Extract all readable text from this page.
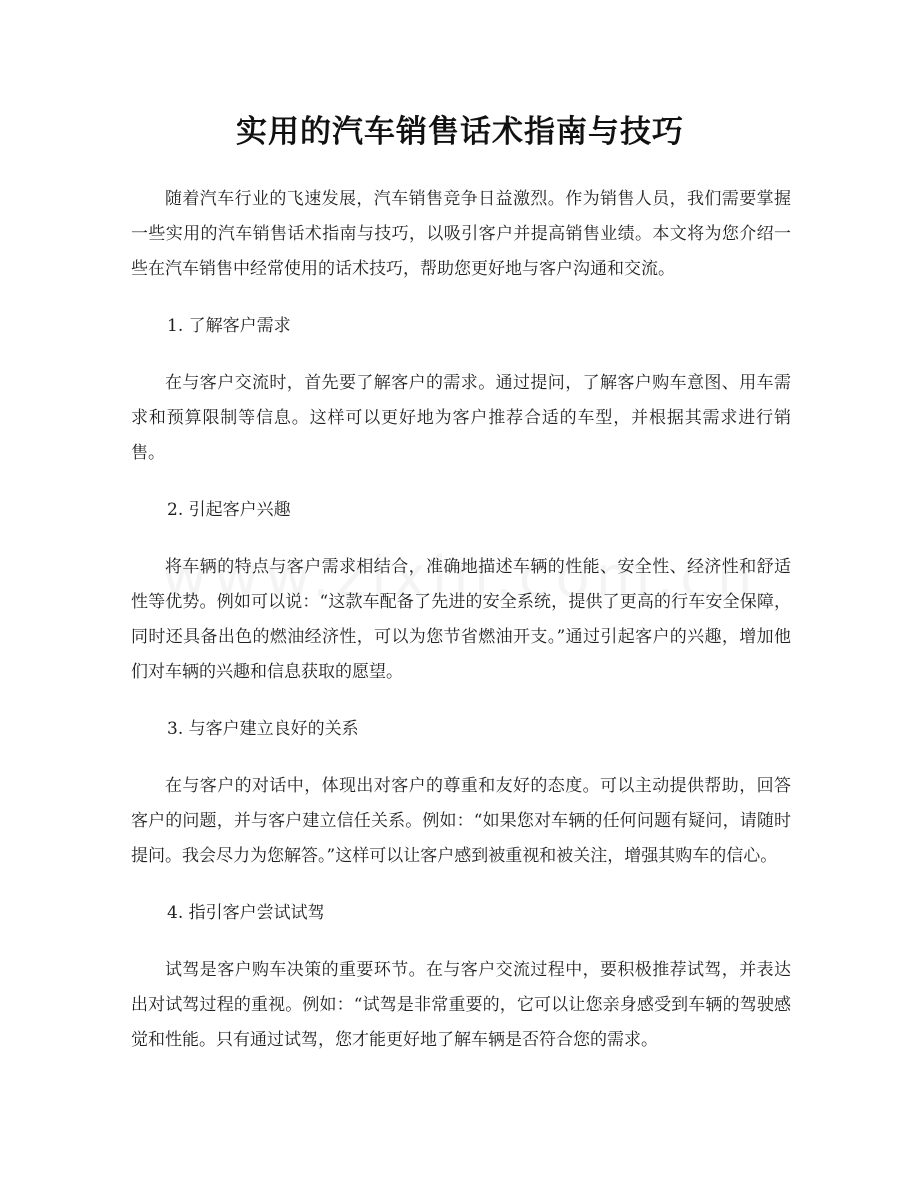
实用的汽车销售话术指南与技巧

随着汽车行业的飞速发展，汽车销售竞争日益激烈。作为销售人员，我们需要掌握一些实用的汽车销售话术指南与技巧，以吸引客户并提高销售业绩。本文将为您介绍一些在汽车销售中经常使用的话术技巧，帮助您更好地与客户沟通和交流。

1. 了解客户需求

在与客户交流时，首先要了解客户的需求。通过提问，了解客户购车意图、用车需求和预算限制等信息。这样可以更好地为客户推荐合适的车型，并根据其需求进行销售。

2. 引起客户兴趣

将车辆的特点与客户需求相结合，准确地描述车辆的性能、安全性、经济性和舒适性等优势。例如可以说：“这款车配备了先进的安全系统，提供了更高的行车安全保障，同时还具备出色的燃油经济性，可以为您节省燃油开支。”通过引起客户的兴趣，增加他们对车辆的兴趣和信息获取的愿望。

3. 与客户建立良好的关系

在与客户的对话中，体现出对客户的尊重和友好的态度。可以主动提供帮助，回答客户的问题，并与客户建立信任关系。例如：“如果您对车辆的任何问题有疑问，请随时提问。我会尽力为您解答。”这样可以让客户感到被重视和被关注，增强其购车的信心。

4. 指引客户尝试试驾

试驾是客户购车决策的重要环节。在与客户交流过程中，要积极推荐试驾，并表达出对试驾过程的重视。例如：“试驾是非常重要的，它可以让您亲身感受到车辆的驾驶感觉和性能。只有通过试驾，您才能更好地了解车辆是否符合您的需求。
